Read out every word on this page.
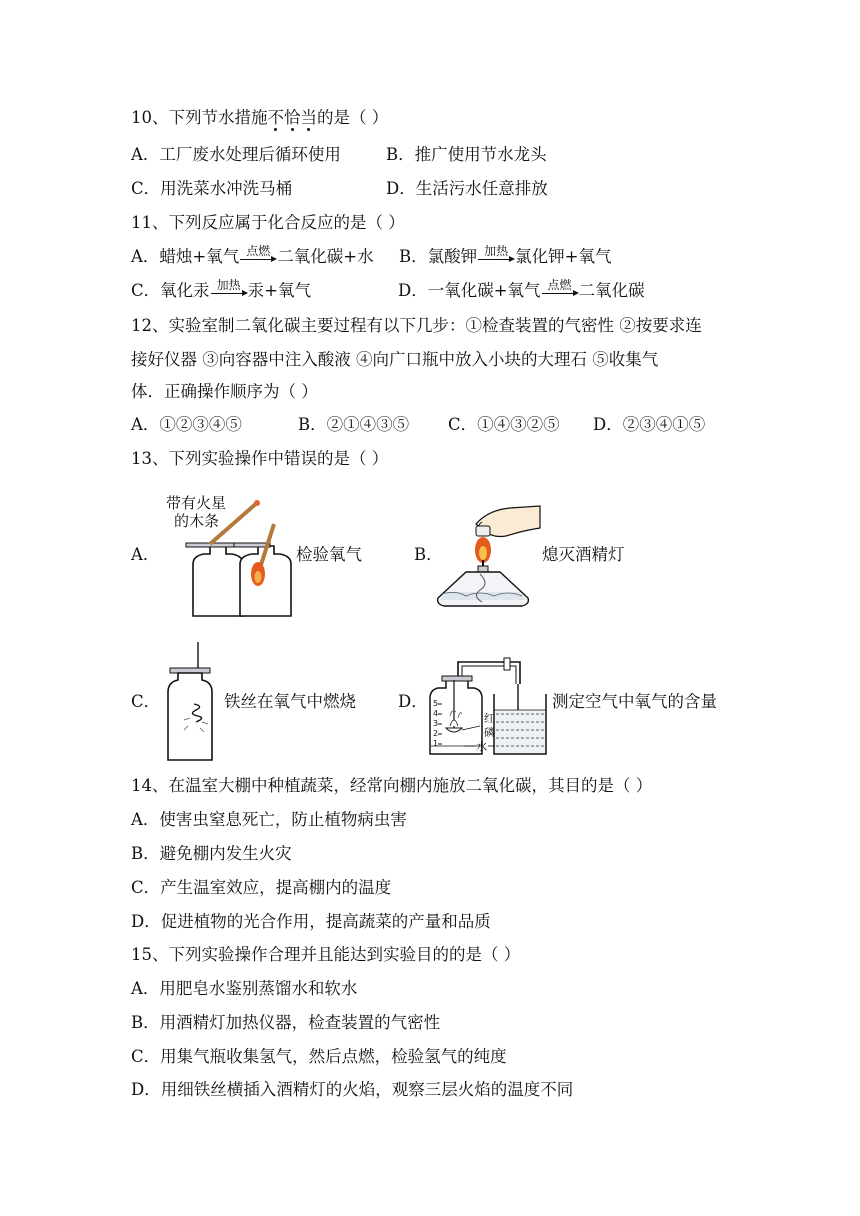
10、下列节水措施不恰当的是（ ）
A．工厂废水处理后循环使用	B．推广使用节水龙头
C．用洗菜水冲洗马桶	D．生活污水任意排放
11、下列反应属于化合反应的是（ ）
A．蜡烛+氧气 点燃 二氧化碳+水 B．氯酸钾 加热 氯化钾+氧气
C．氧化汞 加热 汞+氧气	D．一氧化碳+氧气 点燃 二氧化碳
12、实验室制二氧化碳主要过程有以下几步：①检查装置的气密性 ②按要求连
接好仪器 ③向容器中注入酸液 ④向广口瓶中放入小块的大理石 ⑤收集气
体．正确操作顺序为（ ）
A．①②③④⑤	B．②①④③⑤ C．①④③②⑤ D．②③④①⑤
13、下列实验操作中错误的是（ ）
A．
带有火星
的木条
检验氧气	B．	熄灭酒精灯
C．	铁丝在氧气中燃烧	D． 5
4
3
2
1
红
磷
水
测定空气中氧气的含量
14、在温室大棚中种植蔬菜，经常向棚内施放二氧化碳，其目的是（ ）
A．使害虫窒息死亡，防止植物病虫害
B．避免棚内发生火灾
C．产生温室效应，提高棚内的温度
D．促进植物的光合作用，提高蔬菜的产量和品质
15、下列实验操作合理并且能达到实验目的的是（ ）
A．用肥皂水鉴别蒸馏水和软水
B．用酒精灯加热仪器，检查装置的气密性
C．用集气瓶收集氢气，然后点燃，检验氢气的纯度
D．用细铁丝横插入酒精灯的火焰，观察三层火焰的温度不同
